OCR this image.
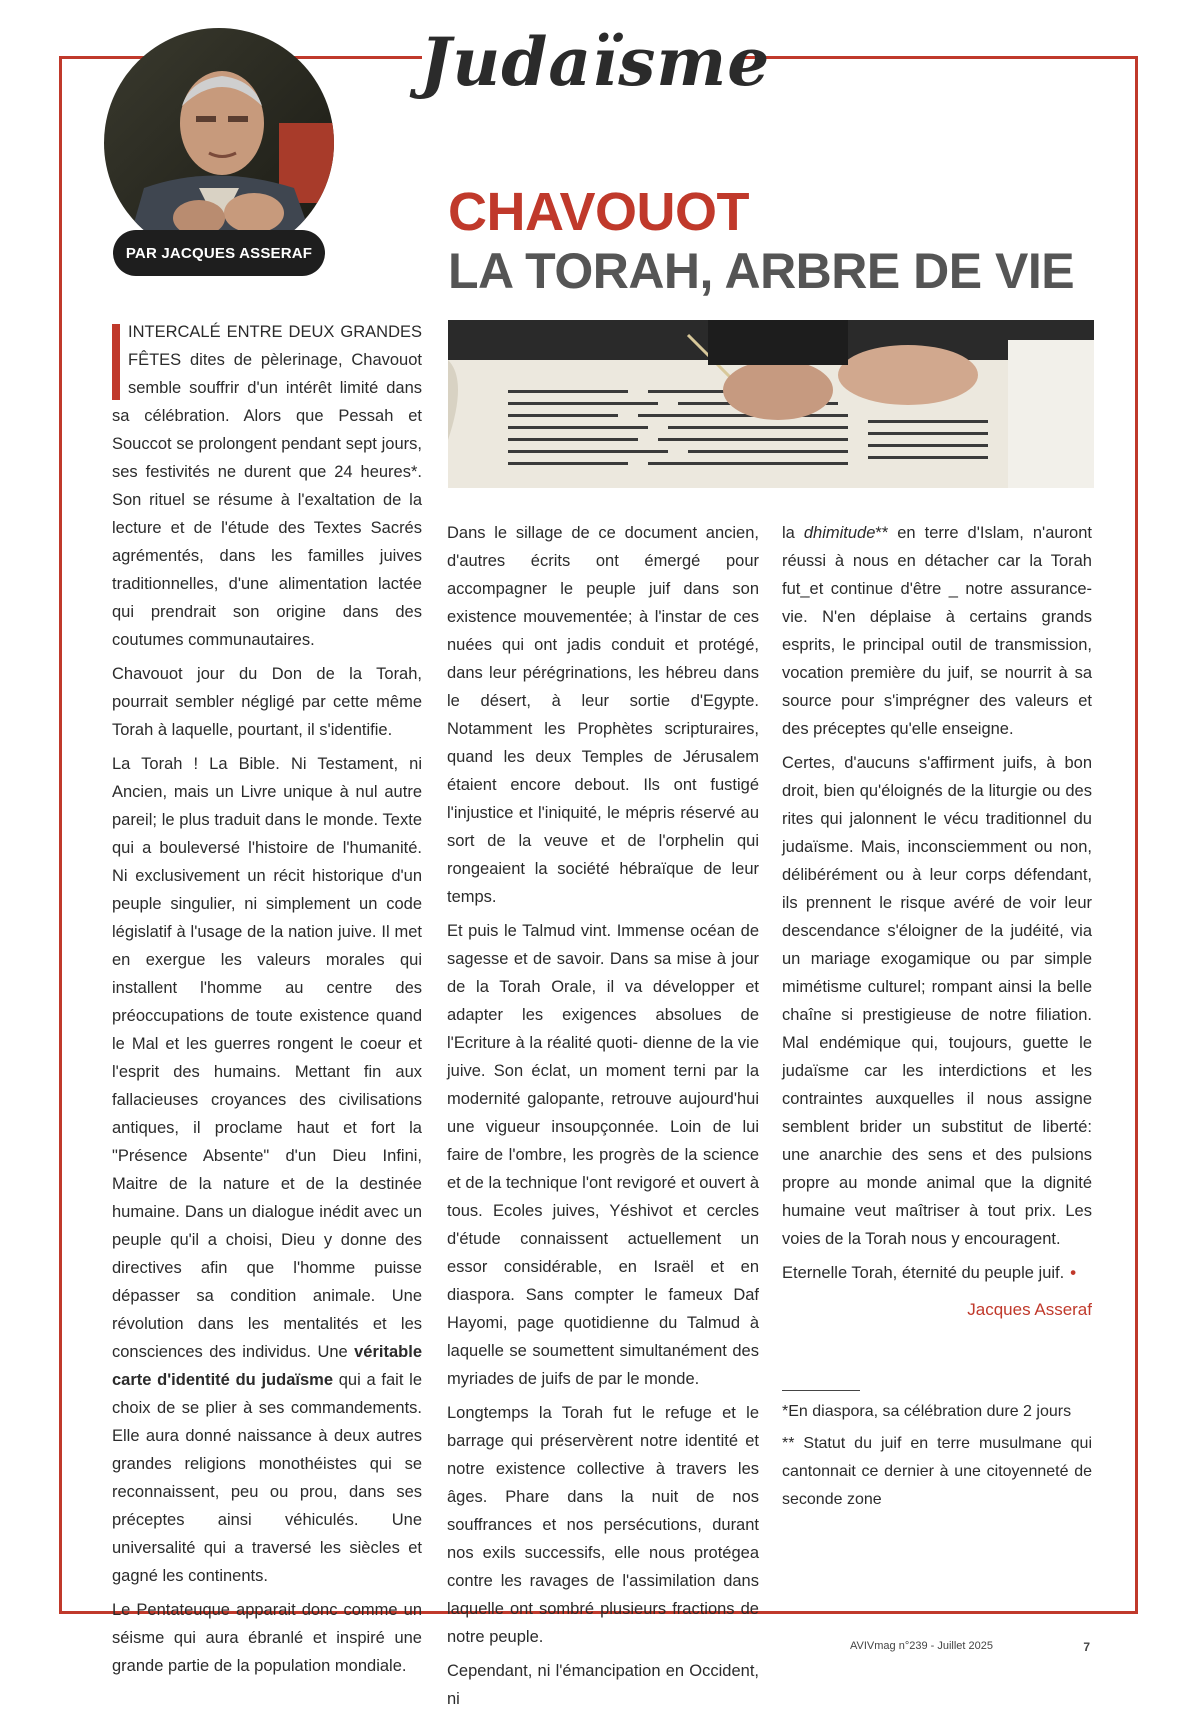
Judaïsme
PAR JACQUES ASSERAF
CHAVOUOT
LA TORAH, ARBRE DE VIE

INTERCALÉ ENTRE DEUX GRANDES FÊTES dites de pèlerinage, Chavouot semble souffrir d'un intérêt limité dans sa célébration. Alors que Pessah et Souccot se prolongent pendant sept jours, ses festivités ne durent que 24 heures*. Son rituel se résume à l'exaltation de la lecture et de l'étude des Textes Sacrés agrémentés, dans les familles juives traditionnelles, d'une alimentation lactée qui prendrait son origine dans des coutumes communautaires.

Chavouot jour du Don de la Torah, pourrait sembler négligé par cette même Torah à laquelle, pourtant, il s'identifie.

La Torah ! La Bible. Ni Testament, ni Ancien, mais un Livre unique à nul autre pareil; le plus traduit dans le monde. Texte qui a bouleversé l'histoire de l'humanité. Ni exclusivement un récit historique d'un peuple singulier, ni simplement un code législatif à l'usage de la nation juive. Il met en exergue les valeurs morales qui installent l'homme au centre des préoccupations de toute existence quand le Mal et les guerres rongent le coeur et l'esprit des humains. Mettant fin aux fallacieuses croyances des civilisations antiques, il proclame haut et fort la "Présence Absente" d'un Dieu Infini, Maitre de la nature et de la destinée humaine. Dans un dialogue inédit avec un peuple qu'il a choisi, Dieu y donne des directives afin que l'homme puisse dépasser sa condition animale. Une révolution dans les mentalités et les consciences des individus. Une véritable carte d'identité du judaïsme qui a fait le choix de se plier à ses commandements. Elle aura donné naissance à deux autres grandes religions monothéistes qui se reconnaissent, peu ou prou, dans ses préceptes ainsi véhiculés. Une universalité qui a traversé les siècles et gagné les continents.

Le Pentateuque apparait donc comme un séisme qui aura ébranlé et inspiré une grande partie de la population mondiale.

Dans le sillage de ce document ancien, d'autres écrits ont émergé pour accompagner le peuple juif dans son existence mouvementée; à l'instar de ces nuées qui ont jadis conduit et protégé, dans leur pérégrinations, les hébreu dans le désert, à leur sortie d'Egypte. Notamment les Prophètes scripturaires, quand les deux Temples de Jérusalem étaient encore debout. Ils ont fustigé l'injustice et l'iniquité, le mépris réservé au sort de la veuve et de l'orphelin qui rongeaient la société hébraïque de leur temps.

Et puis le Talmud vint. Immense océan de sagesse et de savoir. Dans sa mise à jour de la Torah Orale, il va développer et adapter les exigences absolues de l'Ecriture à la réalité quoti- dienne de la vie juive. Son éclat, un moment terni par la modernité galopante, retrouve aujourd'hui une vigueur insoupçonnée. Loin de lui faire de l'ombre, les progrès de la science et de la technique l'ont revigoré et ouvert à tous. Ecoles juives, Yéshivot et cercles d'étude connaissent actuellement un essor considérable, en Israël et en diaspora. Sans compter le fameux Daf Hayomi, page quotidienne du Talmud à laquelle se soumettent simultanément des myriades de juifs de par le monde.

Longtemps la Torah fut le refuge et le barrage qui préservèrent notre identité et notre existence collective à travers les âges. Phare dans la nuit de nos souffrances et nos persécutions, durant nos exils successifs, elle nous protégea contre les ravages de l'assimilation dans laquelle ont sombré plusieurs fractions de notre peuple.

Cependant, ni l'émancipation en Occident, ni

la dhimitude** en terre d'Islam, n'auront réussi à nous en détacher car la Torah fut_et continue d'être _ notre assurance-vie. N'en déplaise à certains grands esprits, le principal outil de transmission, vocation première du juif, se nourrit à sa source pour s'imprégner des valeurs et des préceptes qu'elle enseigne.

Certes, d'aucuns s'affirment juifs, à bon droit, bien qu'éloignés de la liturgie ou des rites qui jalonnent le vécu traditionnel du judaïsme. Mais, inconsciemment ou non, délibérément ou à leur corps défendant, ils prennent le risque avéré de voir leur descendance s'éloigner de la judéité, via un mariage exogamique ou par simple mimétisme culturel; rompant ainsi la belle chaîne si prestigieuse de notre filiation. Mal endémique qui, toujours, guette le judaïsme car les interdictions et les contraintes auxquelles il nous assigne semblent brider un substitut de liberté: une anarchie des sens et des pulsions propre au monde animal que la dignité humaine veut maîtriser à tout prix. Les voies de la Torah nous y encouragent.

Eternelle Torah, éternité du peuple juif. •

Jacques Asseraf

*En diaspora, sa célébration dure 2 jours

** Statut du juif en terre musulmane qui cantonnait ce dernier à une citoyenneté de seconde zone

AVIVmag n°239 - Juillet 2025	7
